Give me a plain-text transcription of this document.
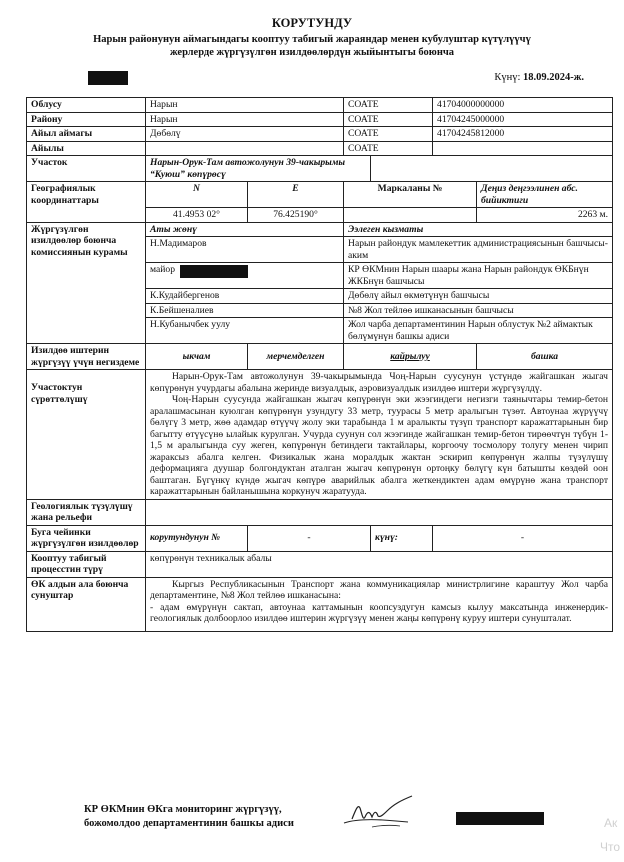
КОРУТУНДУ
Нарын районунун аймагындагы кооптуу табигый жараяндар менен кубулуштар күтүлүүчү
жерлерде жүргүзүлгөн изилдөөлөрдүн жыйынтыгы боюнча
Күнү: 18.09.2024-ж.
Облусу	Нарын		СОАТЕ		41704000000000	
Району	Нарын		СОАТЕ		41704245000000	
Айыл аймагы	Дөбөлү		СОАТЕ		41704245812000	
Айылы			СОАТЕ			
Участок	Нарын-Орук-Там автожолунун 39-чакырымы “Куюш” көпүрөсү					
Географиялык координаттары	N	E	Маркаланы №			Деңиз деңгээлинен абс. бийиктиги
	41.4953 02°	76.425190°				2263 м.
Жүргүзүлгөн изилдөөлөр боюнча комиссиянын курамы	Аты жөнү		Ээлеген кызматы			
	Н.Мадимаров		Нарын райондук мамлекеттик администрациясынын башчысы-аким			
	майор		КР ӨКМнин Нарын шаары жана Нарын райондук ӨКБнүн ЖКБнүн башчысы			
	К.Кудайбергенов		Дөбөлү айыл өкмөтүнүн башчысы			
	К.Бейшеналиев		№8 Жол тейлөө ишканасынын башчысы			
	Н.Кубанычбек уулу		Жол чарба департаментинин Нарын облустук №2 аймактык бөлүмүнүн башкы адиси			
Изилдөө иштерин жүргүзүү үчүн негиздеме	ыкчам	мерчемделген	кайрылуу			башка
Участоктун сүрөттөлүшү	Нарын-Орук-Там автожолунун 39-чакырымында Чоң-Нарын суусунун үстүндө жайгашкан жыгач көпүрөнүн учурдагы абалына жеринде визуалдык, аэровизуалдык изилдөө иштери жүргүзүлдү.
Чоң-Нарын суусунда жайгашкан жыгач көпүрөнүн эки жээгиндеги негизги таянычтары темир-бетон аралашмасынан куюлган көпүрөнүн узундугу 33 метр, туурасы 5 метр аралыгын түзөт. Автоунаа жүрүүчү бөлүгү 3 метр, жөө адамдар өтүүчү жолу эки тарабында 1 м аралыкты түзүп транспорт каражаттарынын бир багытту өтүүсүнө ылайык курулган. Учурда суунун сол жээгинде жайгашкан темир-бетон тирөөчтүн түбүн 1-1,5 м аралыгында суу жеген, көпүрөнүн бетиндеги тактайлары, коргоочу тосмолору толугу менен чирип жараксыз абалга келген. Физикалык жана моралдык жактан эскирип көпүрөнүн жалпы түзүлүшү деформацияга дуушар болгондуктан аталган жыгач көпүрөнүн ортоңку бөлүгү күн батышты көздөй оон баштаган. Бүгүнкү күндө жыгач көпүрө аварийлык абалга жеткендиктен адам өмүрүнө жана транспорт каражаттарынын байланышына коркунуч жаратууда.					

Геологиялык түзүлүшү жана рельефи						
Буга чейинки жүргүзүлгөн изилдөөлөр	корутундунун №	-		күнү:	-	
Кооптуу табигый процесстин түрү	көпүрөнүн техникалык абалы					
ӨК алдын ала боюнча сунуштар	Кыргыз Республикасынын Транспорт жана коммуникациялар министрлигине караштуу Жол чарба департаментине, №8 Жол тейлөө ишканасына:
- адам өмүрүнүн сактап, автоунаа каттамынын коопсуздугун камсыз кылуу максатында инженердик-геологиялык долбоорлоо изилдөө иштерин жүргүзүү менен жаңы көпүрөнү куруу иштери сунушталат.					
КР ӨКМнин ӨКга мониторинг жүргүзүү,
божомолдоо департаментинин башкы адиси	Ак
Что
